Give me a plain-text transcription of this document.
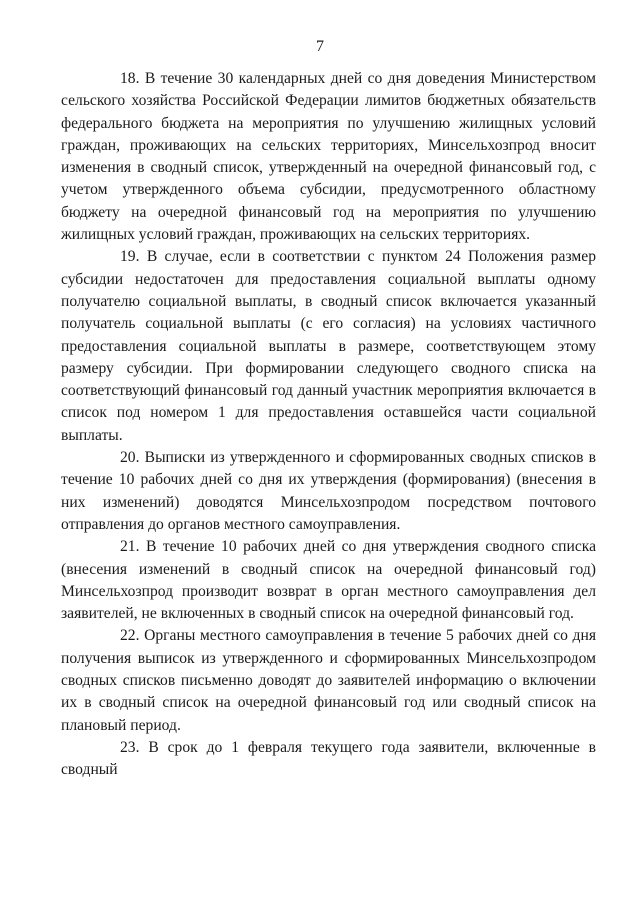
7

18. В течение 30 календарных дней со дня доведения Министерством сельского хозяйства Российской Федерации лимитов бюджетных обязательств федерального бюджета на мероприятия по улучшению жилищных условий граждан, проживающих на сельских территориях, Минсельхозпрод вносит изменения в сводный список, утвержденный на очередной финансовый год, с учетом утвержденного объема субсидии, предусмотренного областному бюджету на очередной финансовый год на мероприятия по улучшению жилищных условий граждан, проживающих на сельских территориях.

19. В случае, если в соответствии с пунктом 24 Положения размер субсидии недостаточен для предоставления социальной выплаты одному получателю социальной выплаты, в сводный список включается указанный получатель социальной выплаты (с его согласия) на условиях частичного предоставления социальной выплаты в размере, соответствующем этому размеру субсидии. При формировании следующего сводного списка на соответствующий финансовый год данный участник мероприятия включается в список под номером 1 для предоставления оставшейся части социальной выплаты.

20. Выписки из утвержденного и сформированных сводных списков в течение 10 рабочих дней со дня их утверждения (формирования) (внесения в них изменений) доводятся Минсельхозпродом посредством почтового отправления до органов местного самоуправления.

21. В течение 10 рабочих дней со дня утверждения сводного списка (внесения изменений в сводный список на очередной финансовый год) Минсельхозпрод производит возврат в орган местного самоуправления дел заявителей, не включенных в сводный список на очередной финансовый год.

22. Органы местного самоуправления в течение 5 рабочих дней со дня получения выписок из утвержденного и сформированных Минсельхозпродом сводных списков письменно доводят до заявителей информацию о включении их в сводный список на очередной финансовый год или сводный список на плановый период.

23. В срок до 1 февраля текущего года заявители, включенные в сводный
